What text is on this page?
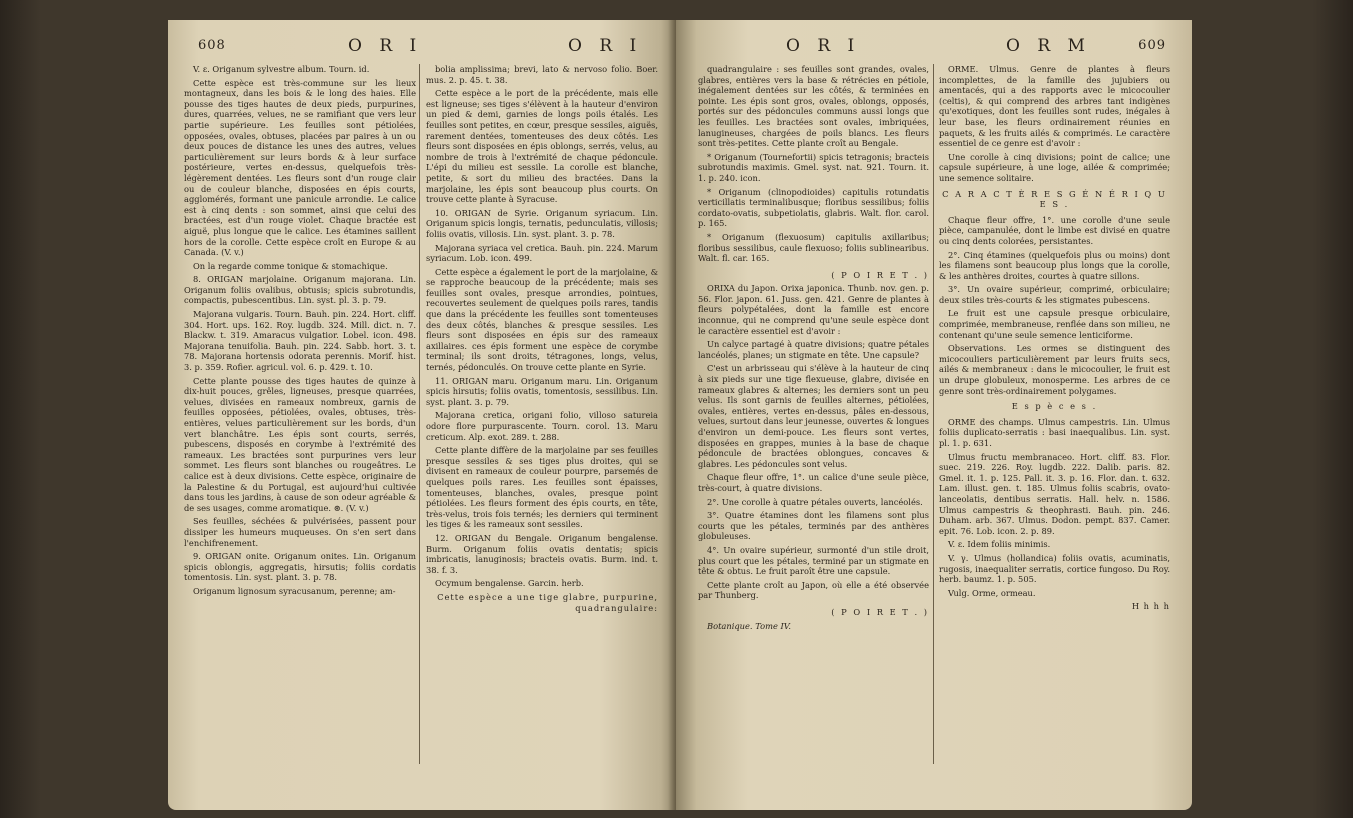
608	O R I	O R I

V. ε. Origanum sylvestre album. Tourn. id.

Cette espèce est très-commune sur les lieux montagneux, dans les bois & le long des haies. Elle pousse des tiges hautes de deux pieds, purpurines, dures, quarrées, velues, ne se ramifiant que vers leur partie supérieure. Les feuilles sont pétiolées, opposées, ovales, obtuses, placées par paires à un ou deux pouces de distance les unes des autres, velues particulièrement sur leurs bords & à leur surface postérieure, vertes en-dessus, quelquefois très-légèrement dentées. Les fleurs sont d'un rouge clair ou de couleur blanche, disposées en épis courts, agglomérés, formant une panicule arrondie. Le calice est à cinq dents : son sommet, ainsi que celui des bractées, est d'un rouge violet. Chaque bractée est aiguë, plus longue que le calice. Les étamines saillent hors de la corolle. Cette espèce croît en Europe & au Canada. (V. v.)

On la regarde comme tonique & stomachique.

8. ORIGAN marjolaine. Origanum majorana. Lin. Origanum foliis ovalibus, obtusis; spicis subrotundis, compactis, pubescentibus. Lin. syst. pl. 3. p. 79.

Majorana vulgaris. Tourn. Bauh. pin. 224. Hort. cliff. 304. Hort. ups. 162. Roy. lugdb. 324. Mill. dict. n. 7. Blackw. t. 319. Amaracus vulgatior. Lobel. icon. 498. Majorana tenuifolia. Bauh. pin. 224. Sabb. hort. 3. t. 78. Majorana hortensis odorata perennis. Morif. hist. 3. p. 359. Rofier. agricul. vol. 6. p. 429. t. 10.

Cette plante pousse des tiges hautes de quinze à dix-huit pouces, grêles, ligneuses, presque quarrées, velues, divisées en rameaux nombreux, garnis de feuilles opposées, pétiolées, ovales, obtuses, très-entières, velues particulièrement sur les bords, d'un vert blanchâtre. Les épis sont courts, serrés, pubescens, disposés en corymbe à l'extrémité des rameaux. Les bractées sont purpurines vers leur sommet. Les fleurs sont blanches ou rougeâtres. Le calice est à deux divisions. Cette espèce, originaire de la Palestine & du Portugal, est aujourd'hui cultivée dans tous les jardins, à cause de son odeur agréable & de ses usages, comme aromatique. ⊛. (V. v.)

Ses feuilles, séchées & pulvérisées, passent pour dissiper les humeurs muqueuses. On s'en sert dans l'enchifrenement.

9. ORIGAN onite. Origanum onites. Lin. Origanum spicis oblongis, aggregatis, hirsutis; foliis cordatis tomentosis. Lin. syst. plant. 3. p. 78.

Origanum lignosum syracusanum, perenne; am-

bolia amplissima; brevi, lato & nervoso folio. Boer. mus. 2. p. 45. t. 38.

Cette espèce a le port de la précédente, mais elle est ligneuse; ses tiges s'élèvent à la hauteur d'environ un pied & demi, garnies de longs poils étalés. Les feuilles sont petites, en cœur, presque sessiles, aiguës, rarement dentées, tomenteuses des deux côtés. Les fleurs sont disposées en épis oblongs, serrés, velus, au nombre de trois à l'extrémité de chaque pédoncule. L'épi du milieu est sessile. La corolle est blanche, petite, & sort du milieu des bractées. Dans la marjolaine, les épis sont beaucoup plus courts. On trouve cette plante à Syracuse.

10. ORIGAN de Syrie. Origanum syriacum. Lin. Origanum spicis longis, ternatis, pedunculatis, villosis; foliis ovatis, villosis. Lin. syst. plant. 3. p. 78.

Majorana syriaca vel cretica. Bauh. pin. 224. Marum syriacum. Lob. icon. 499.

Cette espèce a également le port de la marjolaine, & se rapproche beaucoup de la précédente; mais ses feuilles sont ovales, presque arrondies, pointues, recouvertes seulement de quelques poils rares, tandis que dans la précédente les feuilles sont tomenteuses des deux côtés, blanches & presque sessiles. Les fleurs sont disposées en épis sur des rameaux axillaires. ces épis forment une espèce de corymbe terminal; ils sont droits, tétragones, longs, velus, ternés, pédonculés. On trouve cette plante en Syrie.

11. ORIGAN maru. Origanum maru. Lin. Origanum spicis hirsutis; foliis ovatis, tomentosis, sessilibus. Lin. syst. plant. 3. p. 79.

Majorana cretica, origani folio, villoso satureia odore flore purpurascente. Tourn. corol. 13. Maru creticum. Alp. exot. 289. t. 288.

Cette plante diffère de la marjolaine par ses feuilles presque sessiles & ses tiges plus droites, qui se divisent en rameaux de couleur pourpre, parsemés de quelques poils rares. Les feuilles sont épaisses, tomenteuses, blanches, ovales, presque point pétiolées. Les fleurs forment des épis courts, en tête, très-velus, trois fois ternés; les derniers qui terminent les tiges & les rameaux sont sessiles.

12. ORIGAN du Bengale. Origanum bengalense. Burm. Origanum foliis ovatis dentatis; spicis imbricatis, lanuginosis; bracteis ovatis. Burm. ind. t. 38. f. 3.

Ocymum bengalense. Garcin. herb.

Cette espèce a une tige glabre, purpurine, quadrangulaire:

O R I	O R M	609

quadrangulaire : ses feuilles sont grandes, ovales, glabres, entières vers la base & rétrécies en pétiole, inégalement dentées sur les côtés, & terminées en pointe. Les épis sont gros, ovales, oblongs, opposés, portés sur des pédoncules communs aussi longs que les feuilles. Les bractées sont ovales, imbriquées, lanugineuses, chargées de poils blancs. Les fleurs sont très-petites. Cette plante croît au Bengale.

* Origanum (Tournefortii) spicis tetragonis; bracteis subrotundis maximis. Gmel. syst. nat. 921. Tourn. it. 1. p. 240. icon.

* Origanum (clinopodioides) capitulis rotundatis verticillatis terminalibusque; floribus sessilibus; foliis cordato-ovatis, subpetiolatis, glabris. Walt. flor. carol. p. 165.

* Origanum (flexuosum) capitulis axillaribus; floribus sessilibus, caule flexuoso; foliis sublinearibus. Walt. fl. car. 165.

( P O I R E T . )

ORIXA du Japon. Orixa japonica. Thunb. nov. gen. p. 56. Flor. japon. 61. Juss. gen. 421. Genre de plantes à fleurs polypétalées, dont la famille est encore inconnue, qui ne comprend qu'une seule espèce dont le caractère essentiel est d'avoir :

Un calyce partagé à quatre divisions; quatre pétales lancéolés, planes; un stigmate en tête. Une capsule?

C'est un arbrisseau qui s'élève à la hauteur de cinq à six pieds sur une tige flexueuse, glabre, divisée en rameaux glabres & alternes; les derniers sont un peu velus. Ils sont garnis de feuilles alternes, pétiolées, ovales, entières, vertes en-dessus, pâles en-dessous, velues, surtout dans leur jeunesse, ouvertes & longues d'environ un demi-pouce. Les fleurs sont vertes, disposées en grappes, munies à la base de chaque pédoncule de bractées oblongues, concaves & glabres. Les pédoncules sont velus.

Chaque fleur offre, 1°. un calice d'une seule pièce, très-court, à quatre divisions.

2°. Une corolle à quatre pétales ouverts, lancéolés.

3°. Quatre étamines dont les filamens sont plus courts que les pétales, terminés par des anthères globuleuses.

4°. Un ovaire supérieur, surmonté d'un stile droit, plus court que les pétales, terminé par un stigmate en tête & obtus. Le fruit paroît être une capsule.

Cette plante croît au Japon, où elle a été observée par Thunberg.

( P O I R E T . )

Botanique. Tome IV.

ORME. Ulmus. Genre de plantes à fleurs incomplettes, de la famille des jujubiers ou amentacés, qui a des rapports avec le micocoulier (celtis), & qui comprend des arbres tant indigènes qu'exotiques, dont les feuilles sont rudes, inégales à leur base, les fleurs ordinairement réunies en paquets, & les fruits ailés & comprimés. Le caractère essentiel de ce genre est d'avoir :

Une corolle à cinq divisions; point de calice; une capsule supérieure, à une loge, ailée & comprimée; une semence solitaire.

C A R A C T È R E S G É N É R I Q U E S .

Chaque fleur offre, 1°. une corolle d'une seule pièce, campanulée, dont le limbe est divisé en quatre ou cinq dents colorées, persistantes.

2°. Cinq étamines (quelquefois plus ou moins) dont les filamens sont beaucoup plus longs que la corolle, & les anthères droites, courtes à quatre sillons.

3°. Un ovaire supérieur, comprimé, orbiculaire; deux stiles très-courts & les stigmates pubescens.

Le fruit est une capsule presque orbiculaire, comprimée, membraneuse, renflée dans son milieu, ne contenant qu'une seule semence lenticiforme.

Observations. Les ormes se distinguent des micocouliers particulièrement par leurs fruits secs, ailés & membraneux : dans le micocoulier, le fruit est un drupe globuleux, monosperme. Les arbres de ce genre sont très-ordinairement polygames.

E s p è c e s .

ORME des champs. Ulmus campestris. Lin. Ulmus foliis duplicato-serratis : basi inaequalibus. Lin. syst. pl. 1. p. 631.

Ulmus fructu membranaceo. Hort. cliff. 83. Flor. suec. 219. 226. Roy. lugdb. 222. Dalib. paris. 82. Gmel. it. 1. p. 125. Pall. it. 3. p. 16. Flor. dan. t. 632. Lam. illust. gen. t. 185. Ulmus foliis scabris, ovato-lanceolatis, dentibus serratis. Hall. helv. n. 1586. Ulmus campestris & theophrasti. Bauh. pin. 246. Duham. arb. 367. Ulmus. Dodon. pempt. 837. Camer. epit. 76. Lob. icon. 2. p. 89.

V. ε. Idem foliis minimis.

V. γ. Ulmus (hollandica) foliis ovatis, acuminatis, rugosis, inaequaliter serratis, cortice fungoso. Du Roy. herb. baumz. 1. p. 505.

Vulg. Orme, ormeau.

H h h h
